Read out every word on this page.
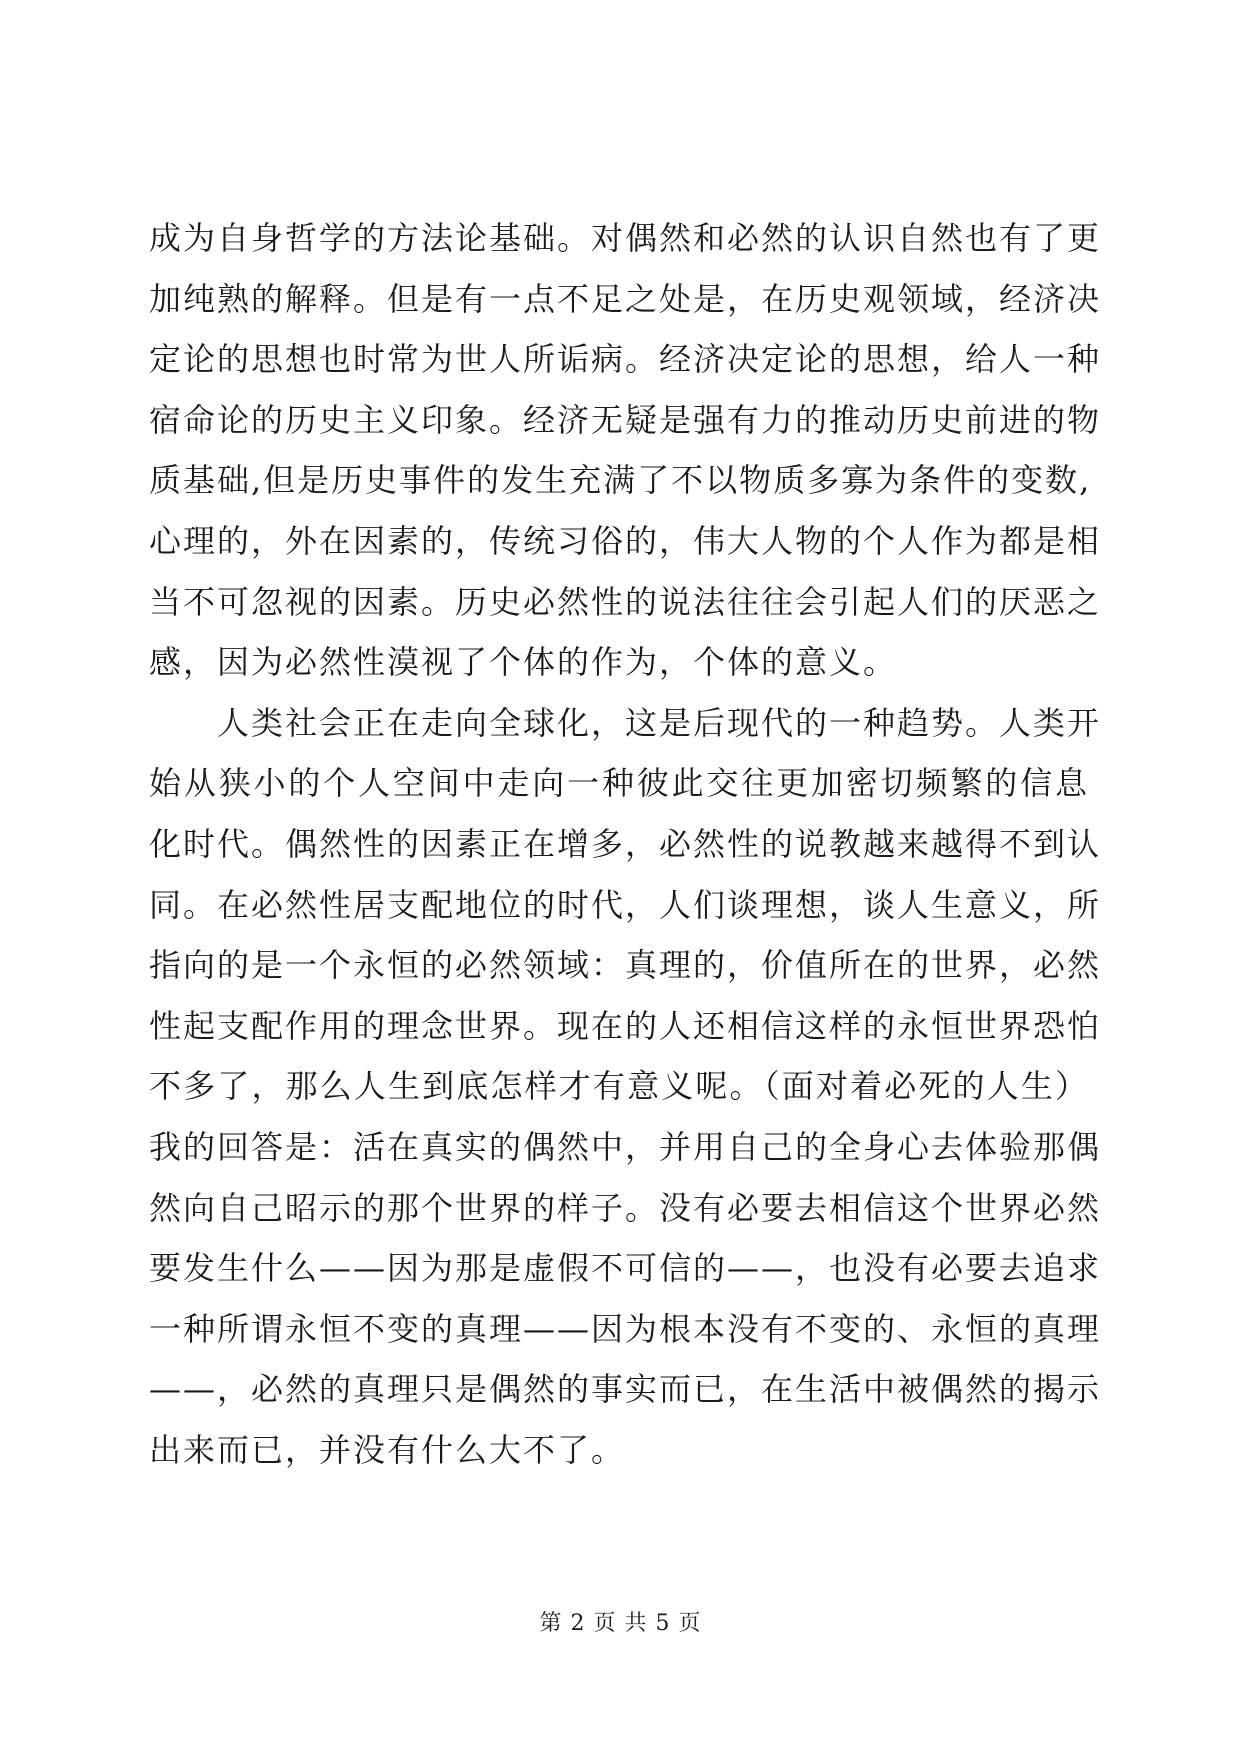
成为自身哲学的方法论基础。对偶然和必然的认识自然也有了更
加纯熟的解释。但是有一点不足之处是，在历史观领域，经济决
定论的思想也时常为世人所诟病。经济决定论的思想，给人一种
宿命论的历史主义印象。经济无疑是强有力的推动历史前进的物
质基础,但是历史事件的发生充满了不以物质多寡为条件的变数,
心理的，外在因素的，传统习俗的，伟大人物的个人作为都是相
当不可忽视的因素。历史必然性的说法往往会引起人们的厌恶之
感，因为必然性漠视了个体的作为，个体的意义。
人类社会正在走向全球化，这是后现代的一种趋势。人类开
始从狭小的个人空间中走向一种彼此交往更加密切频繁的信息
化时代。偶然性的因素正在增多，必然性的说教越来越得不到认
同。在必然性居支配地位的时代，人们谈理想，谈人生意义，所
指向的是一个永恒的必然领域：真理的，价值所在的世界，必然
性起支配作用的理念世界。现在的人还相信这样的永恒世界恐怕
不多了，那么人生到底怎样才有意义呢。（面对着必死的人生）
我的回答是：活在真实的偶然中，并用自己的全身心去体验那偶
然向自己昭示的那个世界的样子。没有必要去相信这个世界必然
要发生什么——因为那是虚假不可信的——，也没有必要去追求
一种所谓永恒不变的真理——因为根本没有不变的、永恒的真理
——，必然的真理只是偶然的事实而已，在生活中被偶然的揭示
出来而已，并没有什么大不了。
第 2 页 共 5 页
